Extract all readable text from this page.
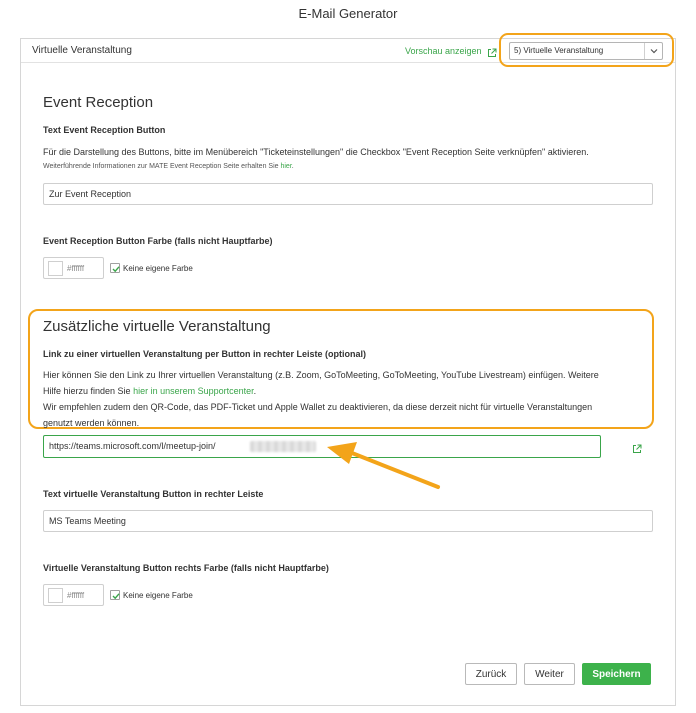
E-Mail Generator
Virtuelle Veranstaltung	Vorschau anzeigen	5) Virtuelle Veranstaltung
Event Reception
Text Event Reception Button
Für die Darstellung des Buttons, bitte im Menübereich "Ticketeinstellungen" die Checkbox "Event Reception Seite verknüpfen" aktivieren.
Weiterführende Informationen zur MATE Event Reception Seite erhalten Sie hier.
Zur Event Reception
Event Reception Button Farbe (falls nicht Hauptfarbe)
#ffffff	Keine eigene Farbe
Zusätzliche virtuelle Veranstaltung
Link zu einer virtuellen Veranstaltung per Button in rechter Leiste (optional)
Hier können Sie den Link zu Ihrer virtuellen Veranstaltung (z.B. Zoom, GoToMeeting, GoToMeeting, YouTube Livestream) einfügen. Weitere
Hilfe hierzu finden Sie hier in unserem Supportcenter.
Wir empfehlen zudem den QR-Code, das PDF-Ticket und Apple Wallet zu deaktivieren, da diese derzeit nicht für virtuelle Veranstaltungen
genutzt werden können.
https://teams.microsoft.com/l/meetup-join/
Text virtuelle Veranstaltung Button in rechter Leiste
MS Teams Meeting
Virtuelle Veranstaltung Button rechts Farbe (falls nicht Hauptfarbe)
#ffffff	Keine eigene Farbe
Zurück	Weiter	Speichern
